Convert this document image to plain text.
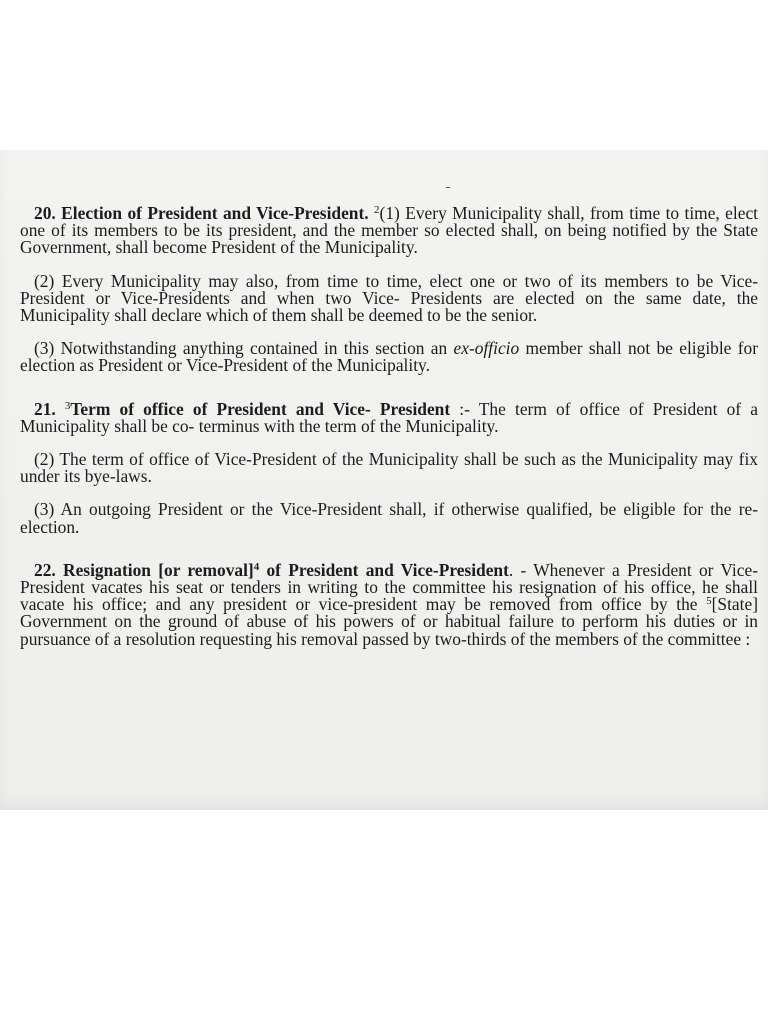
20. Election of President and Vice-President. $^2$(1) Every Municipality shall, from time to time, elect one of its members to be its president, and the member so elected shall, on being notified by the State Government, shall become President of the Municipality.

(2) Every Municipality may also, from time to time, elect one or two of its members to be Vice-President or Vice-Presidents and when two Vice- Presidents are elected on the same date, the Municipality shall declare which of them shall be deemed to be the senior.

(3) Notwithstanding anything contained in this section an ex-officio member shall not be eligible for election as President or Vice-President of the Municipality.

21. $^3$Term of office of President and Vice- President :- The term of office of President of a Municipality shall be co- terminus with the term of the Municipality.

(2) The term of office of Vice-President of the Municipality shall be such as the Municipality may fix under its bye-laws.

(3) An outgoing President or the Vice-President shall, if otherwise qualified, be eligible for the re-election.

22. Resignation [or removal]$^4$ of President and Vice-President. - Whenever a President or Vice-President vacates his seat or tenders in writing to the committee his resignation of his office, he shall vacate his office; and any president or vice-president may be removed from office by the $^5$[State] Government on the ground of abuse of his powers of or habitual failure to perform his duties or in pursuance of a resolution requesting his removal passed by two-thirds of the members of the committee :
